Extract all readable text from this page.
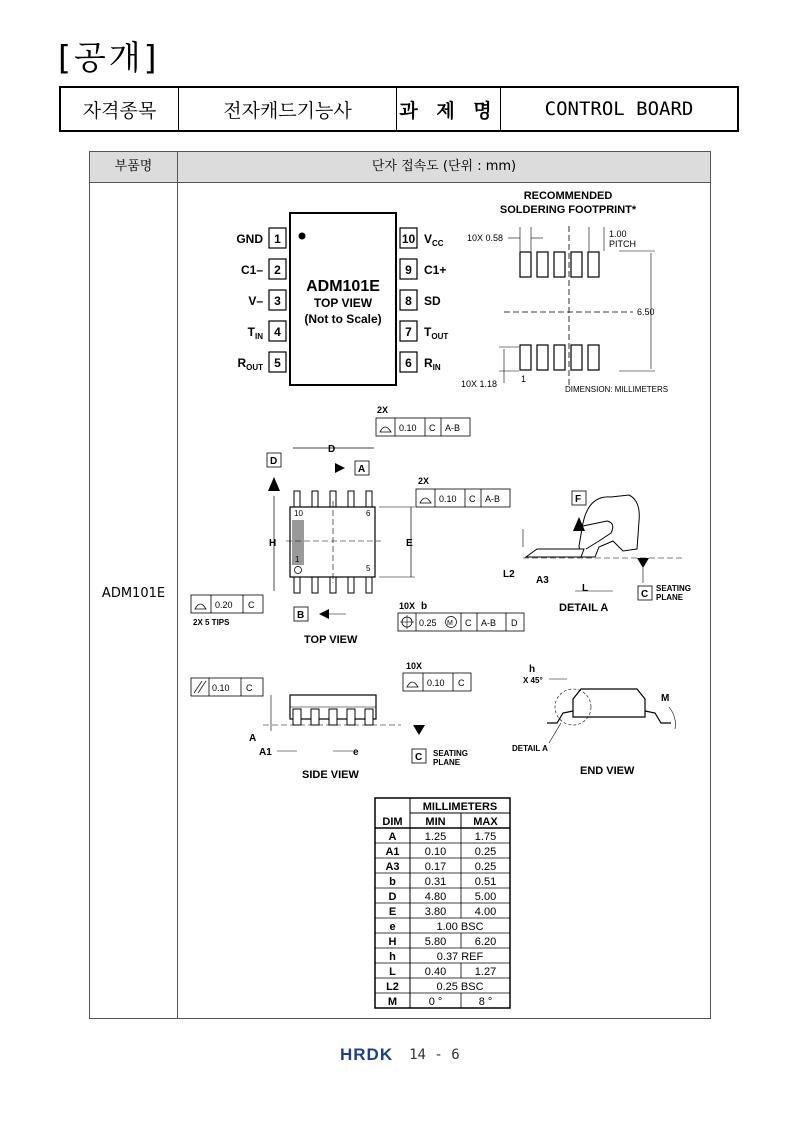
[공개]
자격종목	전자캐드기능사	과 제 명	CONTROL BOARD
부품명	단자 접속도 (단위 : mm)
ADM101E
ADM101E
TOP VIEW
(Not to Scale)
1
GND
2
C1–
3
V–
4
$T_{IN}$
5
$R_{OUT}$
10 $V_{CC}$
9 C1+
8 SD
7 $T_{OUT}$
6 $R_{IN}$
RECOMMENDED
SOLDERING FOOTPRINT*
6.50
10X 0.58	1.00
PITCH
10X 1.18	1
DIMENSION: MILLIMETERS
2X
0.10 C A-B
D
D
A
10	6
1
5
H	E
2X
0.10 C A-B
0.20 C
2X 5 TIPS
B
10X b
0.25 M C A-B D
TOP VIEW
F
L2
A3
L
C
SEATING
PLANE
DETAIL A
0.10 C
A
A1	e
10X
0.10 C
C SEATING
PLANE
SIDE VIEW
h
X 45°
M
DETAIL A
END VIEW
MILLIMETERS
DIM MIN	MAX
A	1.25	1.75
A1 0.10	0.25
A3 0.17	0.25
b	0.31	0.51
D	4.80	5.00
E	3.80	4.00
e	1.00 BSC
H	5.80	6.20
h	0.37 REF
L	0.40	1.27
L2	0.25 BSC
M	0 °	8 °
HRDK 14 - 6
